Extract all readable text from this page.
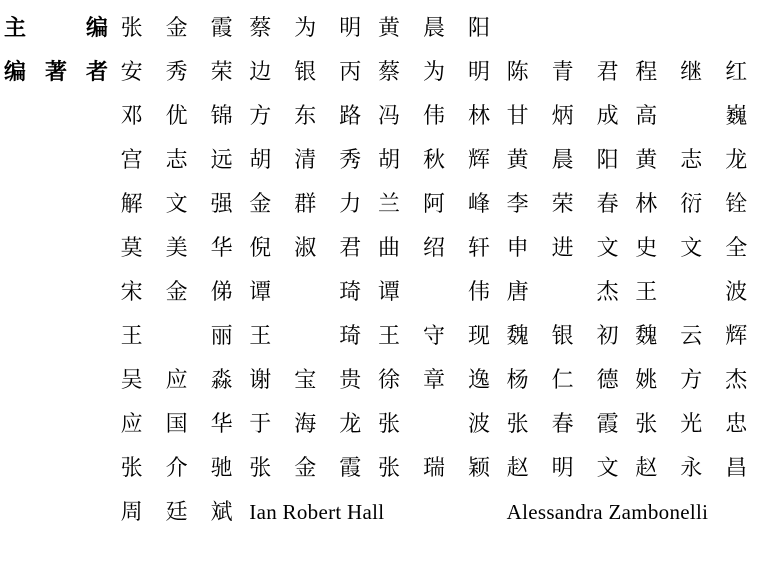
主 编	张金霞	蔡为明	黄晨阳		
编著者	安秀荣	边银丙	蔡为明	陈青君	程继红
	邓优锦	方东路	冯伟林	甘炳成	高 巍
	宫志远	胡清秀	胡秋辉	黄晨阳	黄志龙
	解文强	金群力	兰阿峰	李荣春	林衍铨
	莫美华	倪淑君	曲绍轩	申进文	史文全
	宋金俤	谭 琦	谭 伟	唐 杰	王 波
	王 丽	王 琦	王守现	魏银初	魏云辉
	吴应淼	谢宝贵	徐章逸	杨仁德	姚方杰
	应国华	于海龙	张 波	张春霞	张光忠
	张介驰	张金霞	张瑞颖	赵明文	赵永昌
	周廷斌	Ian Robert Hall		Alessandra Zambonelli	
